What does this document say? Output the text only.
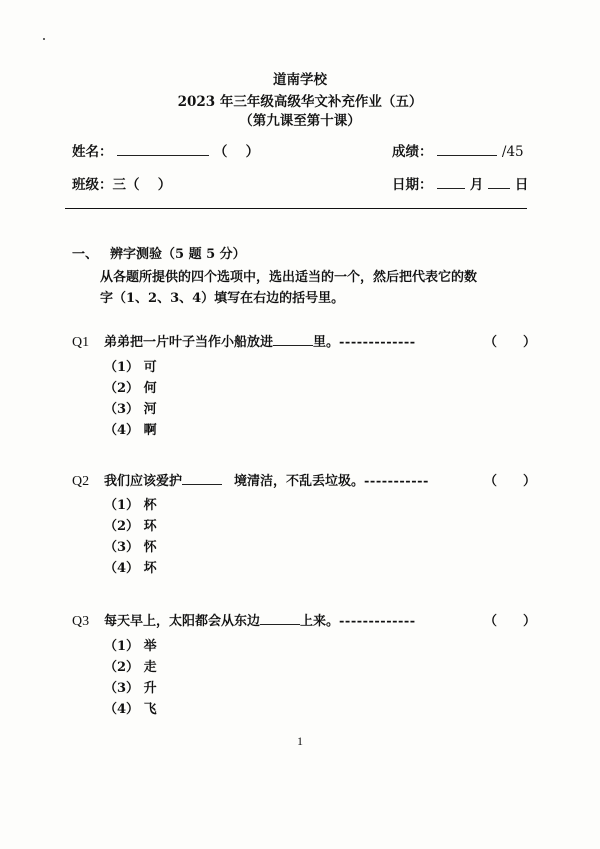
道南学校
2023 年三年级高级华文补充作业（五）
（第九课至第十课）
姓名：	（　 ）	成绩：	/45
班级：三（　 ）	日期：	月 日
一、 辨字测验（5 题 5 分）
从各题所提供的四个选项中，选出适当的一个，然后把代表它的数
字（1、2、3、4）填写在右边的括号里。
Q1 弟弟把一片叶子当作小船放进	里。-------------	（　　）
（1） 可
（2） 何
（3） 河
（4） 啊
Q2 我们应该爱护	境清洁，不乱丢垃圾。-----------	（　　）
（1） 杯
（2） 环
（3） 怀
（4） 坏
Q3 每天早上，太阳都会从东边	上来。-------------	（　　）
（1） 举
（2） 走
（3） 升
（4） 飞
1
